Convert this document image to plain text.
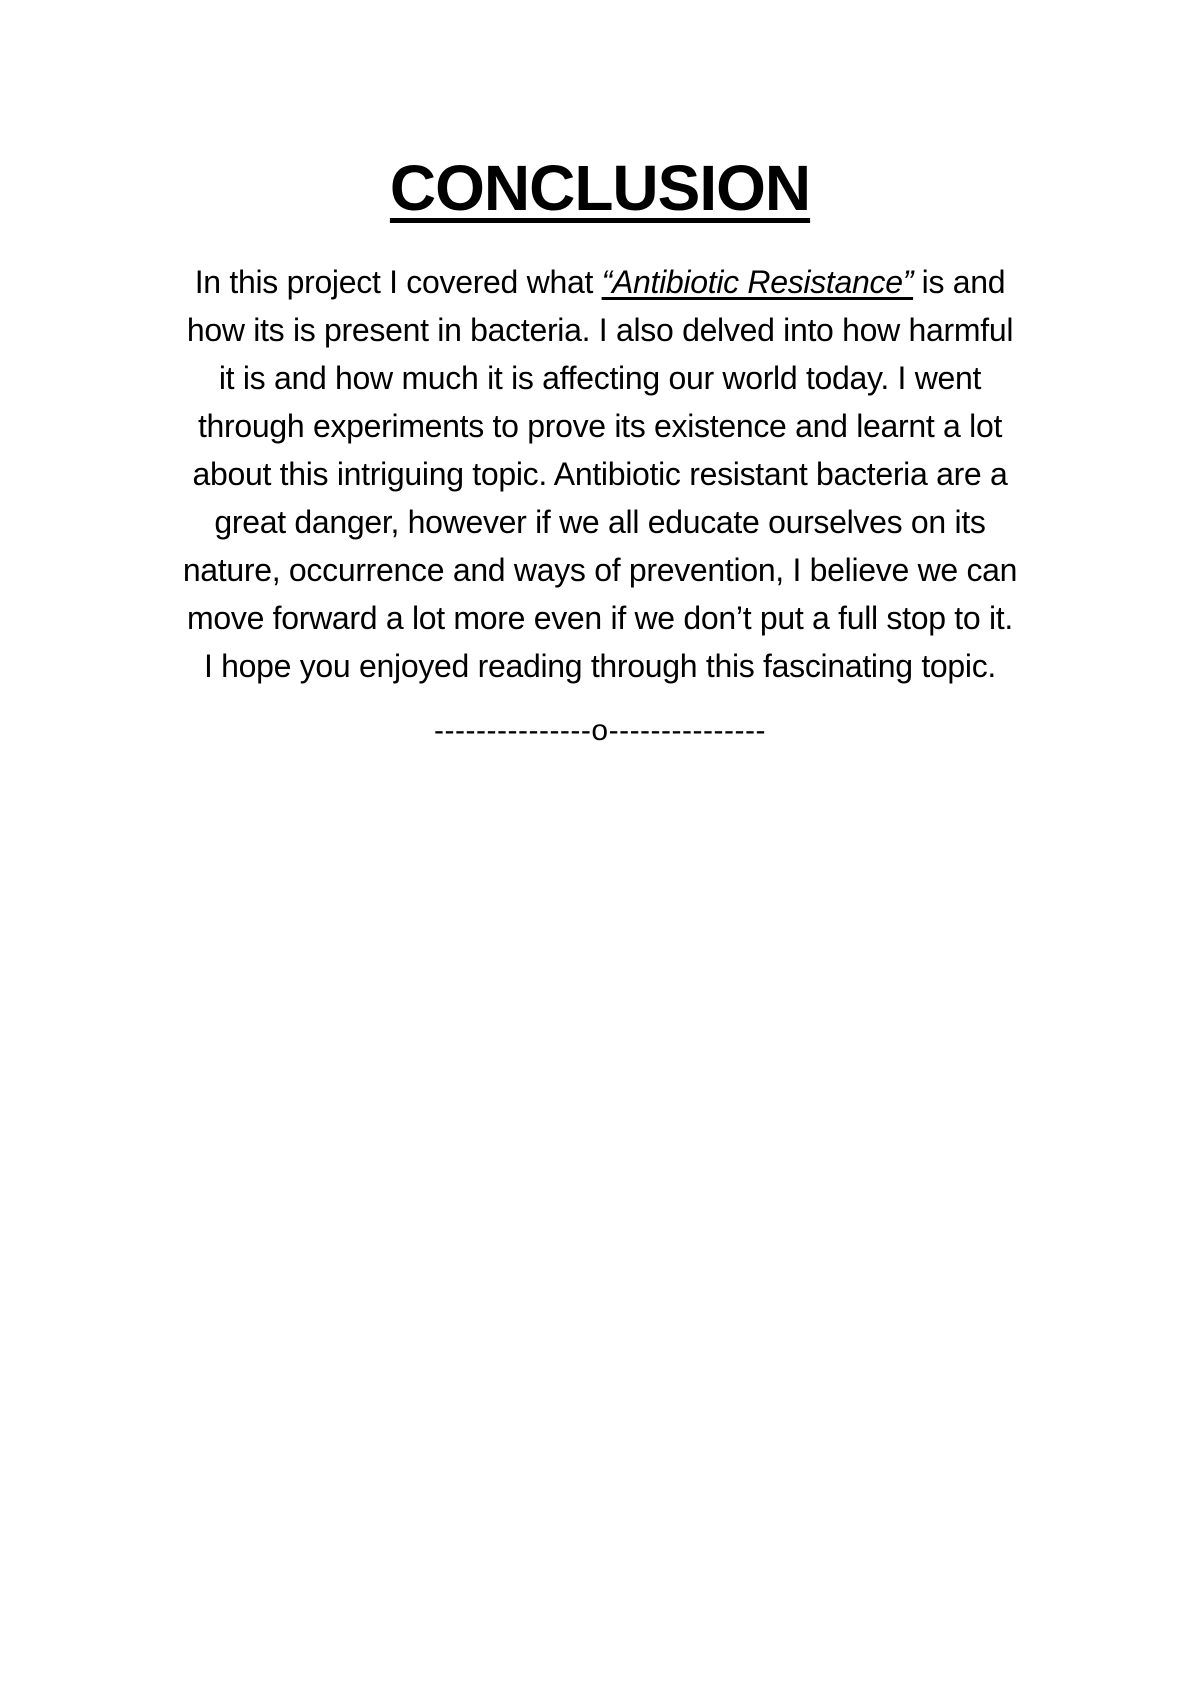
CONCLUSION

In this project I covered what “Antibiotic Resistance” is and
how its is present in bacteria. I also delved into how harmful
it is and how much it is affecting our world today. I went
through experiments to prove its existence and learnt a lot
about this intriguing topic. Antibiotic resistant bacteria are a
great danger, however if we all educate ourselves on its
nature, occurrence and ways of prevention, I believe we can
move forward a lot more even if we don’t put a full stop to it.
I hope you enjoyed reading through this fascinating topic.

---------------o---------------
